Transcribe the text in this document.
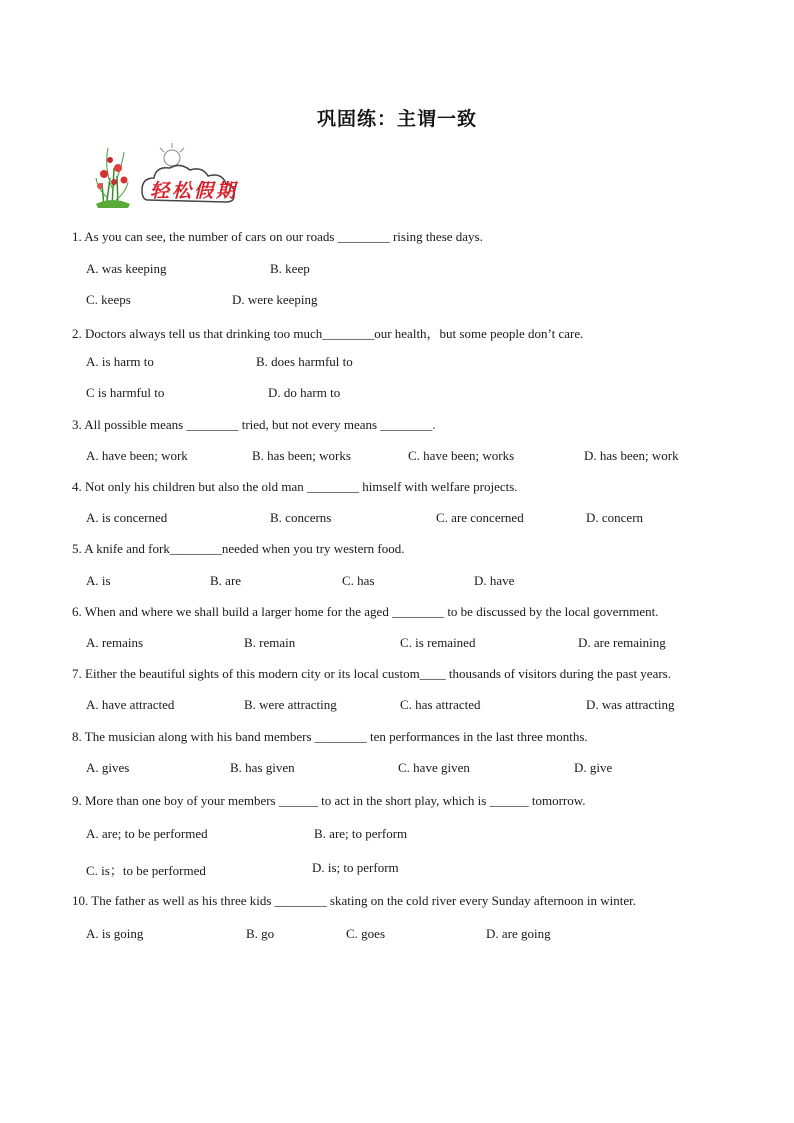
巩固练：主谓一致
轻松假期
1. As you can see, the number of cars on our roads ________ rising these days.
A. was keeping	B. keep
C. keeps	D. were keeping
2. Doctors always tell us that drinking too much________our health，but some people don’t care.
A. is harm to	B. does harmful to
C is harmful to	D. do harm to
3. All possible means ________ tried, but not every means ________.
A. have been; work	B. has been; works	C. have been; works	D. has been; work
4. Not only his children but also the old man ________ himself with welfare projects.
A. is concerned	B. concerns	C. are concerned	D. concern
5. A knife and fork________needed when you try western food.
A. is	B. are	C. has	D. have
6. When and where we shall build a larger home for the aged ________ to be discussed by the local government.
A. remains	B. remain	C. is remained	D. are remaining
7. Either the beautiful sights of this modern city or its local custom____ thousands of visitors during the past years.
A. have attracted	B. were attracting	C. has attracted	D. was attracting
8. The musician along with his band members ________ ten performances in the last three months.
A. gives	B. has given	C. have given	D. give
9. More than one boy of your members ______ to act in the short play, which is ______ tomorrow.
A. are; to be performed	B. are; to perform
C. is；to be performed	D. is; to perform
10. The father as well as his three kids ________ skating on the cold river every Sunday afternoon in winter.
A. is going	B. go	C. goes	D. are going
